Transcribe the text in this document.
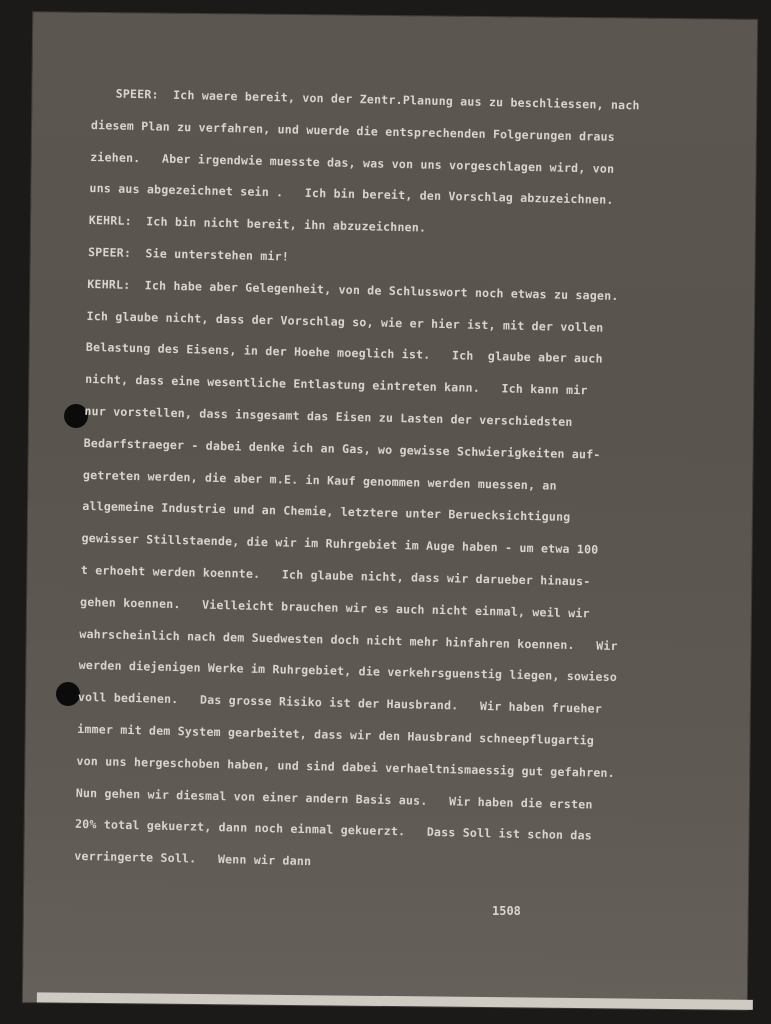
SPEER:  Ich waere bereit, von der Zentr.Planung aus zu beschliessen, nach
diesem Plan zu verfahren, und wuerde die entsprechenden Folgerungen draus
ziehen.   Aber irgendwie muesste das, was von uns vorgeschlagen wird, von
uns aus abgezeichnet sein .   Ich bin bereit, den Vorschlag abzuzeichnen.
KEHRL:  Ich bin nicht bereit, ihn abzuzeichnen.
SPEER:  Sie unterstehen mir!
KEHRL:  Ich habe aber Gelegenheit, von de Schlusswort noch etwas zu sagen.
Ich glaube nicht, dass der Vorschlag so, wie er hier ist, mit der vollen
Belastung des Eisens, in der Hoehe moeglich ist.   Ich  glaube aber auch
nicht, dass eine wesentliche Entlastung eintreten kann.   Ich kann mir
nur vorstellen, dass insgesamt das Eisen zu Lasten der verschiedsten
Bedarfstraeger - dabei denke ich an Gas, wo gewisse Schwierigkeiten auf-
getreten werden, die aber m.E. in Kauf genommen werden muessen, an
allgemeine Industrie und an Chemie, letztere unter Beruecksichtigung
gewisser Stillstaende, die wir im Ruhrgebiet im Auge haben - um etwa 100
t erhoeht werden koennte.   Ich glaube nicht, dass wir darueber hinaus-
gehen koennen.   Vielleicht brauchen wir es auch nicht einmal, weil wir
wahrscheinlich nach dem Suedwesten doch nicht mehr hinfahren koennen.   Wir
werden diejenigen Werke im Ruhrgebiet, die verkehrsguenstig liegen, sowieso
voll bedienen.   Das grosse Risiko ist der Hausbrand.   Wir haben frueher
immer mit dem System gearbeitet, dass wir den Hausbrand schneepflugartig
von uns hergeschoben haben, und sind dabei verhaeltnismaessig gut gefahren.
Nun gehen wir diesmal von einer andern Basis aus.   Wir haben die ersten
20% total gekuerzt, dann noch einmal gekuerzt.   Dass Soll ist schon das
verringerte Soll.   Wenn wir dann
1508
